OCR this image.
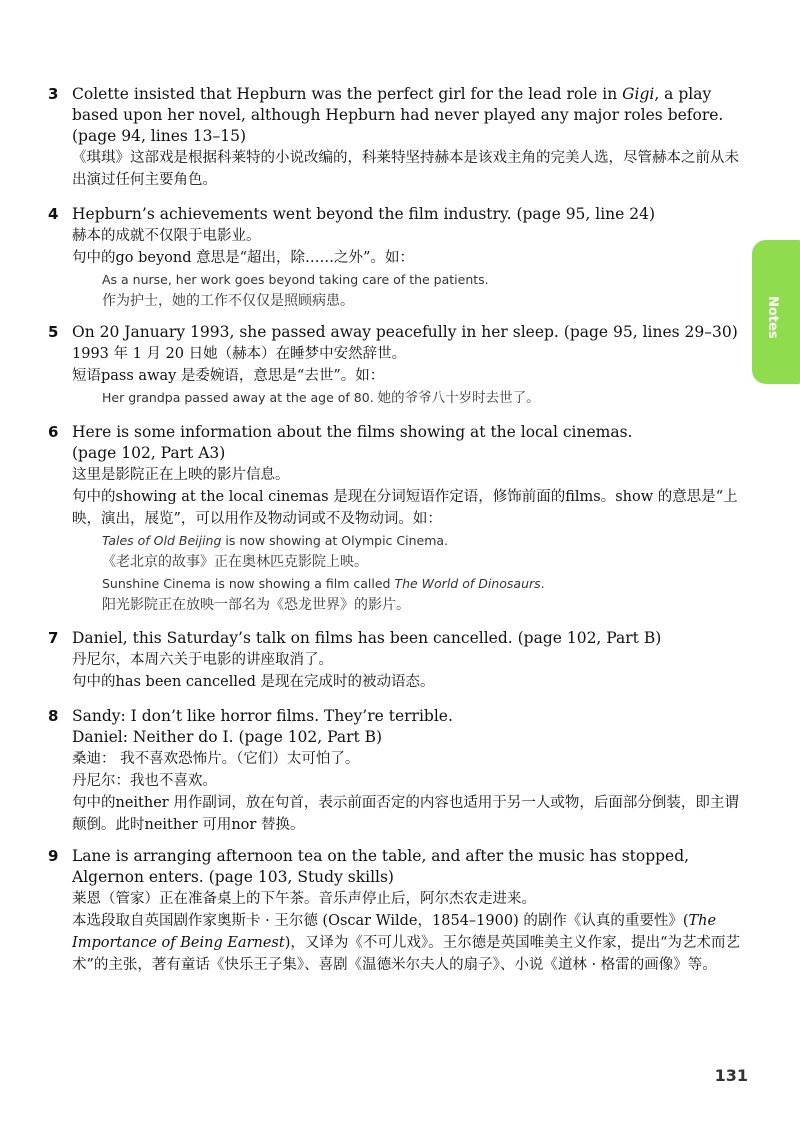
3 Colette insisted that Hepburn was the perfect girl for the lead role in Gigi, a play based upon her novel, although Hepburn had never played any major roles before.
(page 94, lines 13–15)
《琪琪》这部戏是根据科莱特的小说改编的，科莱特坚持赫本是该戏主角的完美人选，尽管赫本之前从未出演过任何主要角色。
4 Hepburn’s achievements went beyond the film industry. (page 95, line 24)
赫本的成就不仅限于电影业。
句中的go beyond 意思是“超出，除……之外”。如：
As a nurse, her work goes beyond taking care of the patients.
作为护士，她的工作不仅仅是照顾病患。
5 On 20 January 1993, she passed away peacefully in her sleep. (page 95, lines 29–30)
1993 年 1 月 20 日她（赫本）在睡梦中安然辞世。
短语pass away 是委婉语，意思是“去世”。如：
Her grandpa passed away at the age of 80. 她的爷爷八十岁时去世了。
6 Here is some information about the films showing at the local cinemas.
(page 102, Part A3)
这里是影院正在上映的影片信息。
句中的showing at the local cinemas 是现在分词短语作定语，修饰前面的films。show 的意思是“上映，演出，展览”，可以用作及物动词或不及物动词。如：
Tales of Old Beijing is now showing at Olympic Cinema.
《老北京的故事》正在奥林匹克影院上映。
Sunshine Cinema is now showing a film called The World of Dinosaurs.
阳光影院正在放映一部名为《恐龙世界》的影片。
7 Daniel, this Saturday’s talk on films has been cancelled. (page 102, Part B)
丹尼尔，本周六关于电影的讲座取消了。
句中的has been cancelled 是现在完成时的被动语态。
8 Sandy: I don’t like horror films. They’re terrible.
Daniel: Neither do I. (page 102, Part B)
桑迪： 我不喜欢恐怖片。（它们）太可怕了。
丹尼尔：我也不喜欢。
句中的neither 用作副词，放在句首，表示前面否定的内容也适用于另一人或物，后面部分倒装，即主谓颠倒。此时neither 可用nor 替换。
9 Lane is arranging afternoon tea on the table, and after the music has stopped, Algernon enters. (page 103, Study skills)
莱恩（管家）正在准备桌上的下午茶。音乐声停止后，阿尔杰农走进来。
本选段取自英国剧作家奥斯卡 · 王尔德 (Oscar Wilde，1854–1900) 的剧作《认真的重要性》(The Importance of Being Earnest)，又译为《不可儿戏》。王尔德是英国唯美主义作家，提出“为艺术而艺术”的主张，著有童话《快乐王子集》、喜剧《温德米尔夫人的扇子》、小说《道林 · 格雷的画像》等。
Notes
131
